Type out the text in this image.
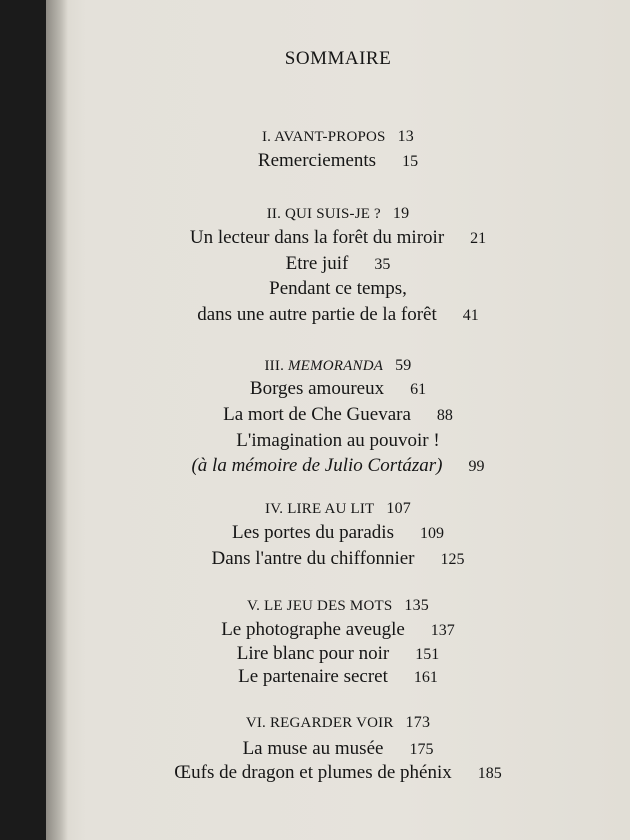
SOMMAIRE
I. AVANT-PROPOS 13
Remerciements 15
II. QUI SUIS-JE ? 19
Un lecteur dans la forêt du miroir 21
Etre juif 35
Pendant ce temps,
dans une autre partie de la forêt 41
III. MEMORANDA 59
Borges amoureux 61
La mort de Che Guevara 88
L'imagination au pouvoir !
(à la mémoire de Julio Cortázar) 99
IV. LIRE AU LIT 107
Les portes du paradis 109
Dans l'antre du chiffonnier 125
V. LE JEU DES MOTS 135
Le photographe aveugle 137
Lire blanc pour noir 151
Le partenaire secret 161
VI. REGARDER VOIR 173
La muse au musée 175
Œufs de dragon et plumes de phénix 185
